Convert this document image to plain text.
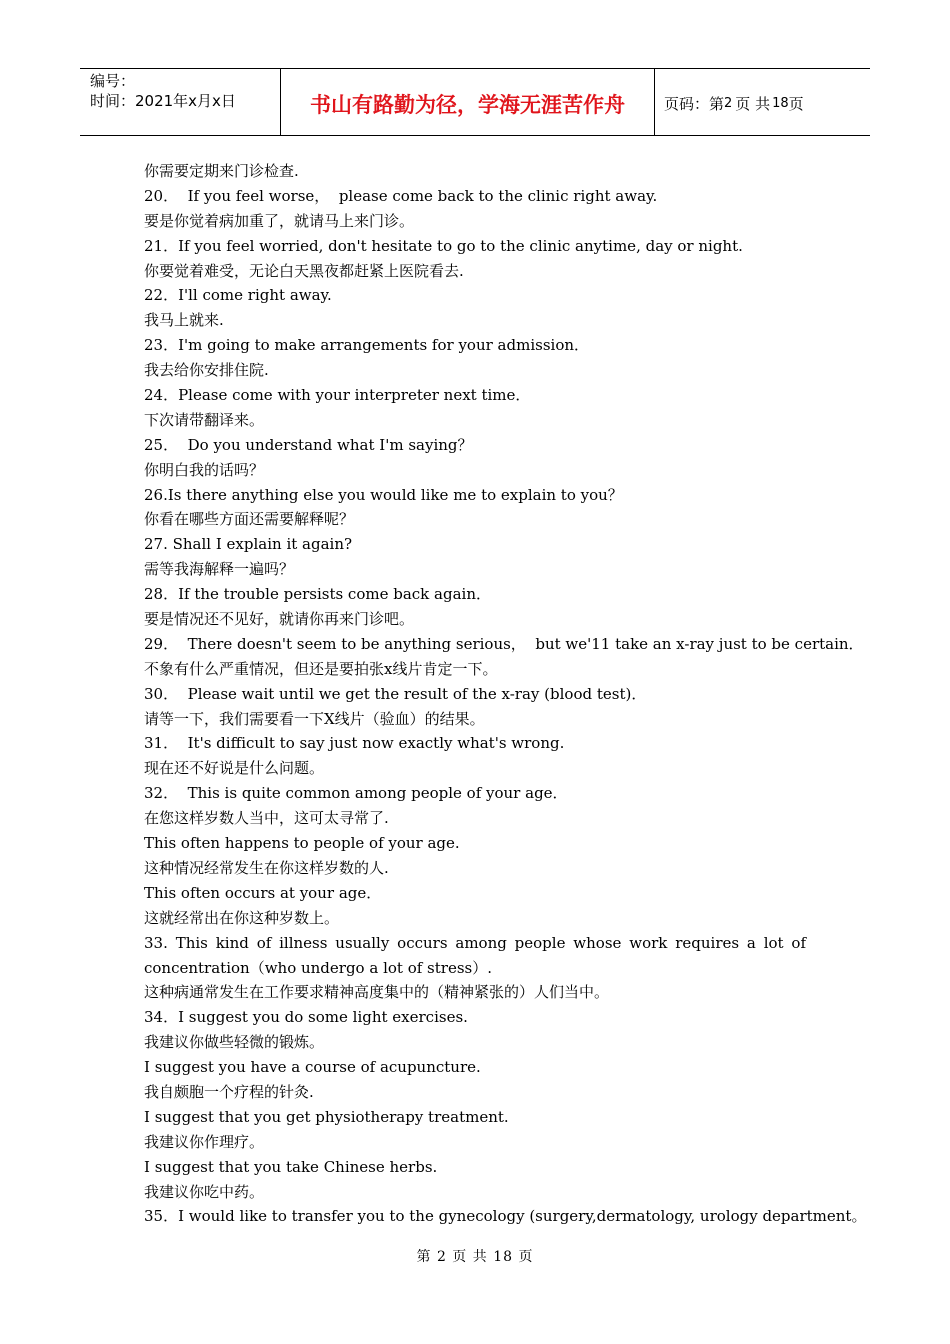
编号：
时间：2021年x月x日	书山有路勤为径，学海无涯苦作舟	页码：第 2 页 共 18 页
你需要定期来门诊检查.
20．  If you feel worse，  please come back to the clinic right away.
要是你觉着病加重了，就请马上来门诊。
21．If you feel worried, don't hesitate to go to the clinic anytime, day or night.
你要觉着难受，无论白天黑夜都赶紧上医院看去.
22．I'll come right away.
我马上就来.
23．I'm going to make arrangements for your admission．
我去给你安排住院.
24．Please come with your interpreter next time．
下次请带翻译来。
25．  Do you understand what I'm saying？
你明白我的话吗？
26.Is there anything else you would like me to explain to you？
你看在哪些方面还需要解释呢？
27. Shall I explain it again?
需等我海解释一遍吗？
28．If the trouble persists come back again．
要是情况还不见好，就请你再来门诊吧。
29．  There doesn't seem to be anything serious，  but we'11 take an x-ray just to be certain．
不象有什么严重情况，但还是要拍张x线片肯定一下。
30．  Please wait until we get the result of the x-ray (blood test)．
请等一下，我们需要看一下X线片（验血）的结果。
31．  It's difficult to say just now exactly what's wrong.
现在还不好说是什么问题。
32．  This is quite common among people of your age．
在您这样岁数人当中，这可太寻常了.
This often happens to people of your age.
这种情况经常发生在你这样岁数的人.
This often occurs at your age．
这就经常出在你这种岁数上。
33. This kind of illness usually occurs among people whose work requires a lot of
concentration（who undergo a lot of stress）.
这种病通常发生在工作要求精神高度集中的（精神紧张的）人们当中。
34．I suggest you do some light exercises.
我建议你做些轻微的锻炼。
I suggest you have a course of acupuncture.
我自颇胞一个疗程的针灸.
I suggest that you get physiotherapy treatment.
我建议你作理疗。
I suggest that you take Chinese herbs.
我建议你吃中药。
35．I would like to transfer you to the gynecology (surgery,dermatology, urology department。
第 2 页 共 18 页
